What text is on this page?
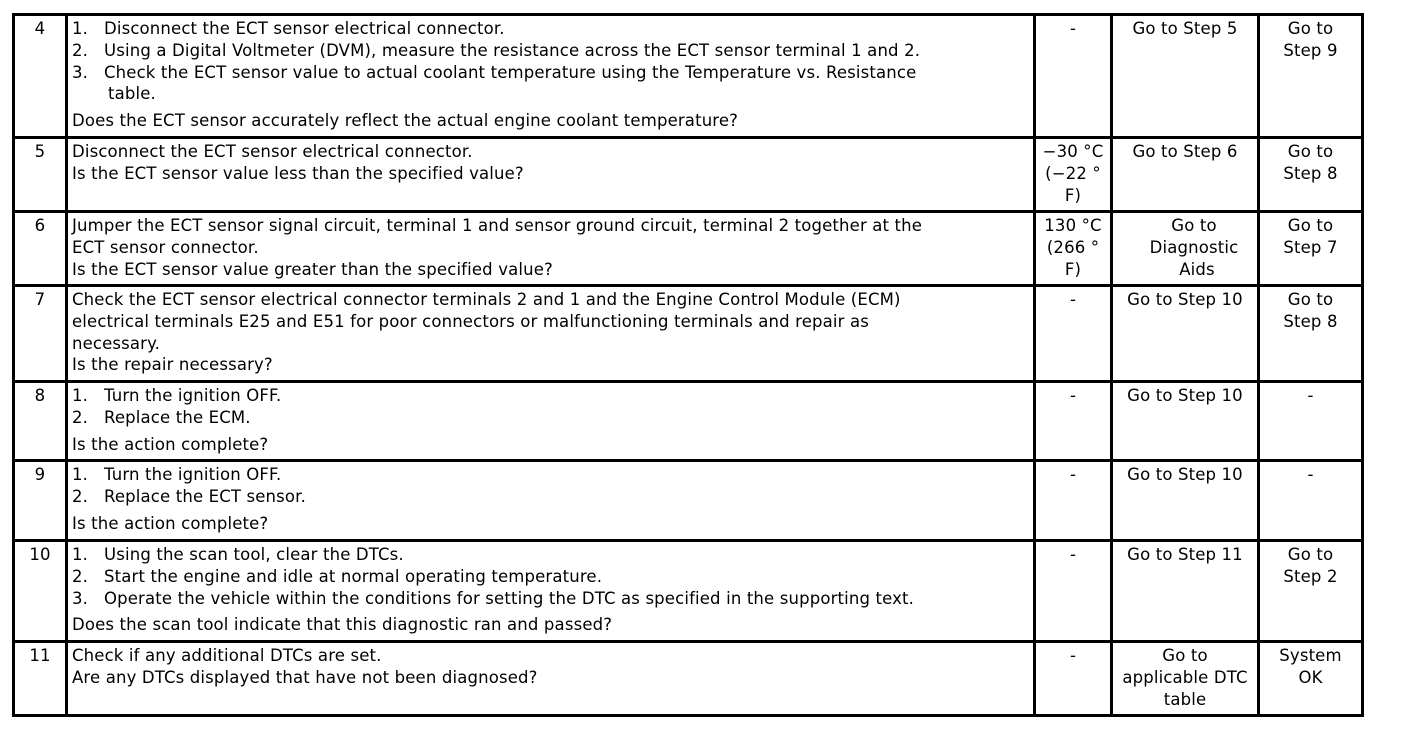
4	1. Disconnect the ECT sensor electrical connector.
2. Using a Digital Voltmeter (DVM), measure the resistance across the ECT sensor terminal 1 and 2.
3. Check the ECT sensor value to actual coolant temperature using the Temperature vs. Resistance
table.
Does the ECT sensor accurately reflect the actual engine coolant temperature?	-	Go to Step 5	Go to
Step 9

5	Disconnect the ECT sensor electrical connector.
Is the ECT sensor value less than the specified value?	−30 °C
(−22 °
F)	Go to Step 6	Go to
Step 8

6	Jumper the ECT sensor signal circuit, terminal 1 and sensor ground circuit, terminal 2 together at the
ECT sensor connector.
Is the ECT sensor value greater than the specified value?	130 °C
(266 °
F)	Go to
Diagnostic
Aids	Go to
Step 7

7	Check the ECT sensor electrical connector terminals 2 and 1 and the Engine Control Module (ECM)
electrical terminals E25 and E51 for poor connectors or malfunctioning terminals and repair as
necessary.
Is the repair necessary?	-	Go to Step 10	Go to
Step 8

8	1. Turn the ignition OFF.
2. Replace the ECM.
Is the action complete?	-	Go to Step 10	-

9	1. Turn the ignition OFF.
2. Replace the ECT sensor.
Is the action complete?	-	Go to Step 10	-

10	1. Using the scan tool, clear the DTCs.
2. Start the engine and idle at normal operating temperature.
3. Operate the vehicle within the conditions for setting the DTC as specified in the supporting text.
Does the scan tool indicate that this diagnostic ran and passed?	-	Go to Step 11	Go to
Step 2

11	Check if any additional DTCs are set.
Are any DTCs displayed that have not been diagnosed?	-	Go to
applicable DTC
table	System
OK
